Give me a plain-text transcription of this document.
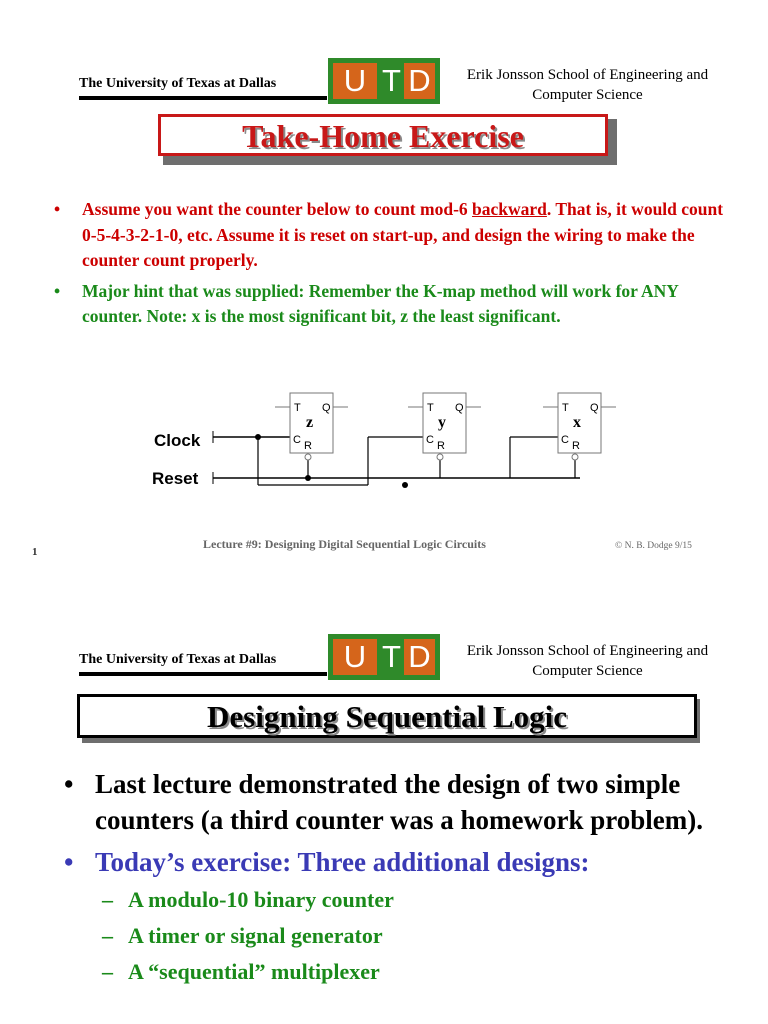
The University of Texas at Dallas	U T D	Erik Jonsson School of Engineering and
Computer Science
Take-Home Exercise
• Assume you want the counter below to count mod-6 backward. That is, it would count 0-5-4-3-2-1-0, etc. Assume it is reset on start-up, and design the wiring to make the counter count properly.
• Major hint that was supplied: Remember the K-map method will work for ANY counter. Note: x is the most significant bit, z the least significant.
Clock
Reset
T Q
z
C R
T Q
y
C R
T Q
x
C R
1
Lecture #9: Designing Digital Sequential Logic Circuits	© N. B. Dodge 9/15
The University of Texas at Dallas	U T D	Erik Jonsson School of Engineering and
Computer Science
Designing Sequential Logic
• Last lecture demonstrated the design of two simple counters (a third counter was a homework problem).
• Today’s exercise: Three additional designs:
– A modulo-10 binary counter
– A timer or signal generator
– A “sequential” multiplexer
